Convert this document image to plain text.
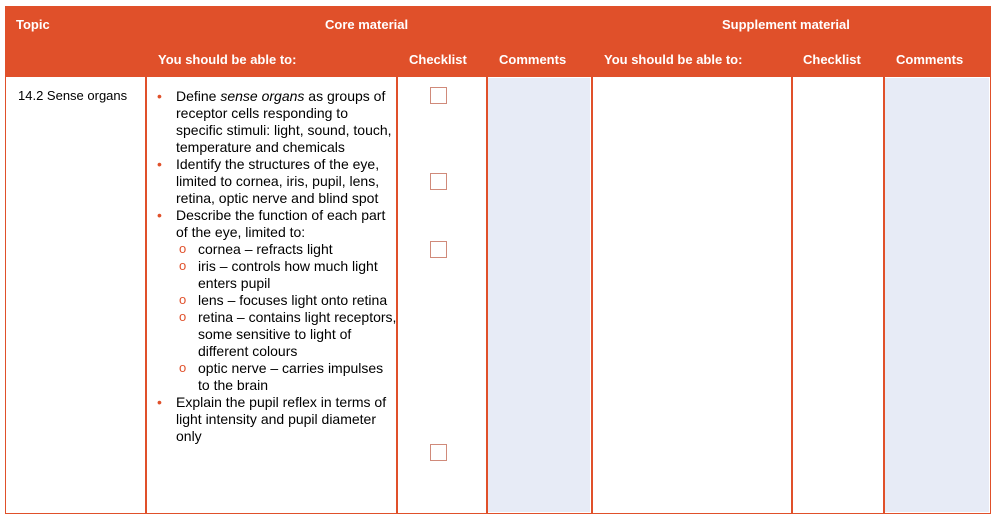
Topic	Core material	Supplement material
You should be able to:	Checklist Comments	You should be able to:	Checklist	Comments
14.2 Sense organs
•	Define sense organs as groups of receptor cells responding to specific stimuli: light, sound, touch, temperature and chemicals
• Identify the structures of the eye, limited to cornea, iris, pupil, lens, retina, optic nerve and blind spot
• Describe the function of each part of the eye, limited to:
o cornea – refracts light
o iris – controls how much light enters pupil
o lens – focuses light onto retina
o retina – contains light receptors, some sensitive to light of different colours
o optic nerve – carries impulses to the brain
• Explain the pupil reflex in terms of light intensity and pupil diameter only
